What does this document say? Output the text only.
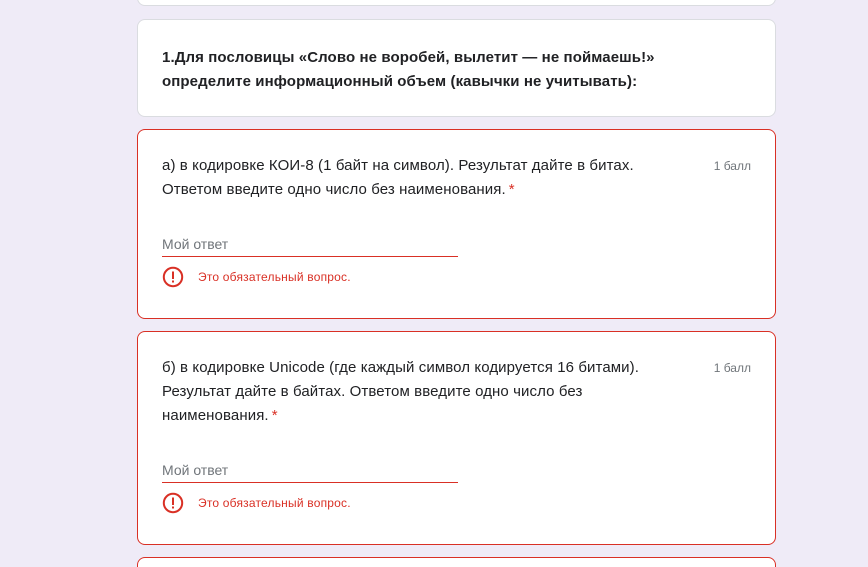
1.Для пословицы «Слово не воробей, вылетит — не поймаешь!» определите информационный объем (кавычки не учитывать):
а) в кодировке КОИ-8 (1 байт на символ). Результат дайте в битах. Ответом введите одно число без наименования. *
1 балл
Мой ответ
Это обязательный вопрос.
б) в кодировке Unicode (где каждый символ кодируется 16 битами). Результат дайте в байтах. Ответом введите одно число без наименования. *
1 балл
Мой ответ
Это обязательный вопрос.
